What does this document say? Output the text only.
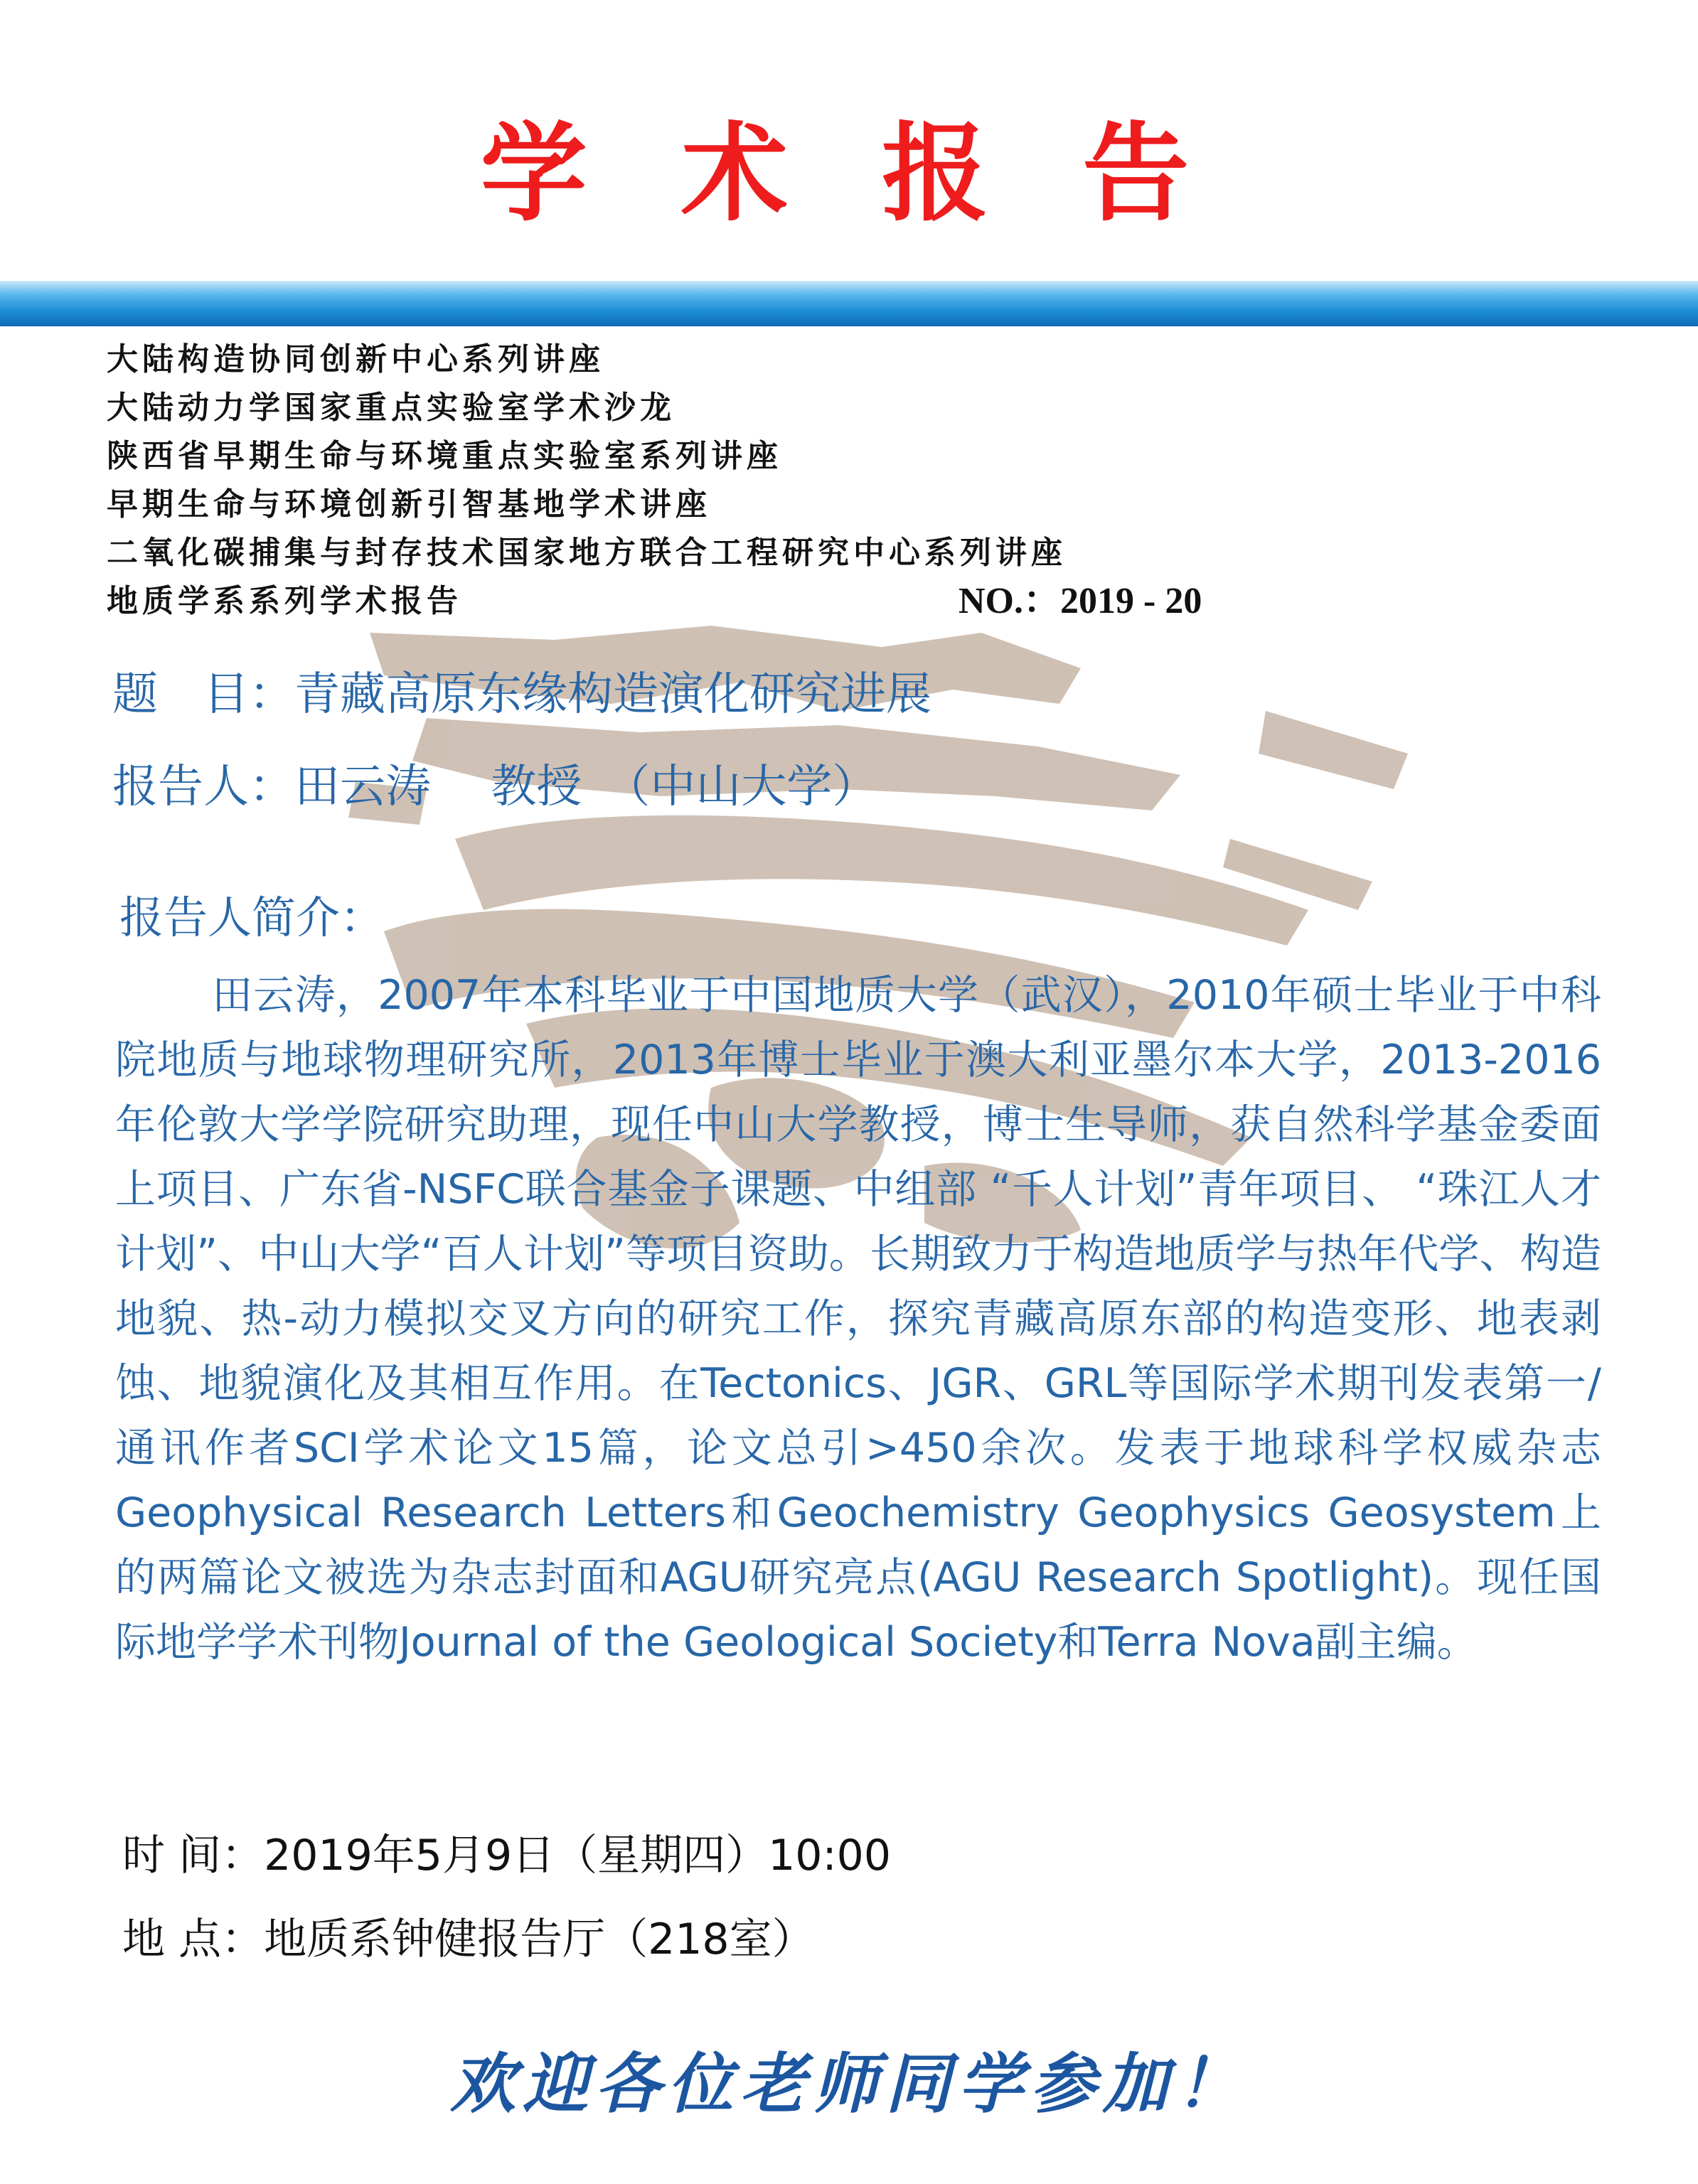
学 术 报 告
大陆构造协同创新中心系列讲座
大陆动力学国家重点实验室学术沙龙
陕西省早期生命与环境重点实验室系列讲座
早期生命与环境创新引智基地学术讲座
二氧化碳捕集与封存技术国家地方联合工程研究中心系列讲座
地质学系系列学术报告	NO.：2019 - 20
题　目：青藏高原东缘构造演化研究进展
报告人：田云涛　 教授　（中山大学）
报告人简介：

田云涛，2007年本科毕业于中国地质大学（武汉），2010年硕士毕业于中科院地质与地球物理研究所，2013年博士毕业于澳大利亚墨尔本大学，2013-2016年伦敦大学学院研究助理，现任中山大学教授，博士生导师，获自然科学基金委面上项目、广东省-NSFC联合基金子课题、中组部 “千人计划”青年项目、 “珠江人才计划”、中山大学“百人计划”等项目资助。长期致力于构造地质学与热年代学、构造地貌、热-动力模拟交叉方向的研究工作，探究青藏高原东部的构造变形、地表剥蚀、地貌演化及其相互作用。在Tectonics、JGR、GRL等国际学术期刊发表第一/通讯作者SCI学术论文15篇，论文总引>450余次。发表于地球科学权威杂志Geophysical Research Letters和Geochemistry Geophysics Geosystem上的两篇论文被选为杂志封面和AGU研究亮点(AGU Research Spotlight)。现任国际地学学术刊物Journal of the Geological Society和Terra Nova副主编。

时 间：2019年5月9日（星期四）10:00
地 点：地质系钟健报告厅（218室）
欢迎各位老师同学参加！
